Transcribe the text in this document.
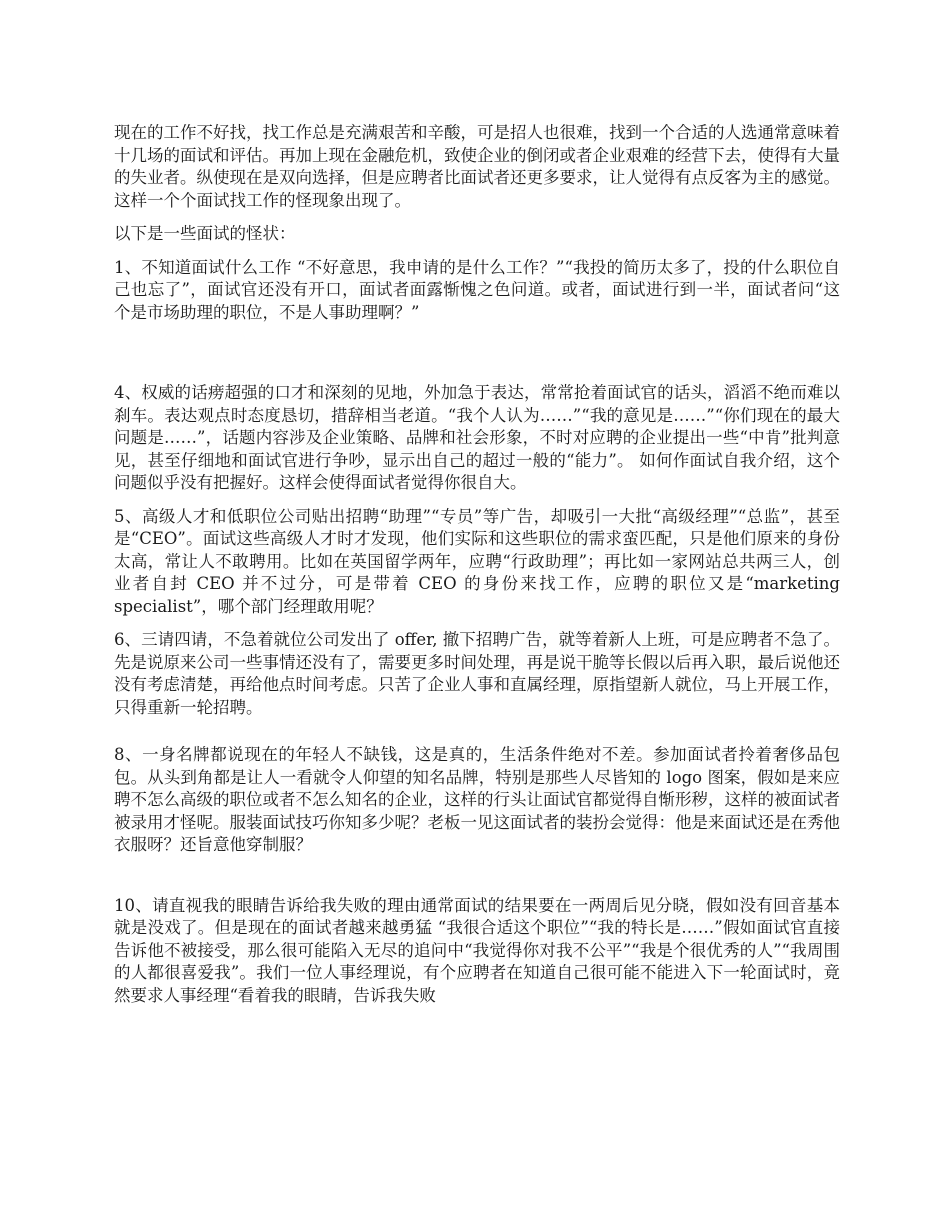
现在的工作不好找，找工作总是充满艰苦和辛酸，可是招人也很难，找到一个合适的人选通常意味着十几场的面试和评估。再加上现在金融危机，致使企业的倒闭或者企业艰难的经营下去，使得有大量的失业者。纵使现在是双向选择，但是应聘者比面试者还更多要求，让人觉得有点反客为主的感觉。这样一个个面试找工作的怪现象出现了。

以下是一些面试的怪状：

1、不知道面试什么工作 “不好意思，我申请的是什么工作？”“我投的简历太多了，投的什么职位自己也忘了”，面试官还没有开口，面试者面露惭愧之色问道。或者，面试进行到一半，面试者问“这个是市场助理的职位，不是人事助理啊？”

4、权威的话痨超强的口才和深刻的见地，外加急于表达，常常抢着面试官的话头，滔滔不绝而难以刹车。表达观点时态度恳切，措辞相当老道。“我个人认为……”“我的意见是……”“你们现在的最大问题是……”，话题内容涉及企业策略、品牌和社会形象，不时对应聘的企业提出一些“中肯”批判意见，甚至仔细地和面试官进行争吵，显示出自己的超过一般的“能力”。 如何作面试自我介绍，这个问题似乎没有把握好。这样会使得面试者觉得你很自大。

5、高级人才和低职位公司贴出招聘“助理”“专员”等广告，却吸引一大批“高级经理”“总监”，甚至是“CEO”。面试这些高级人才时才发现，他们实际和这些职位的需求蛮匹配，只是他们原来的身份太高，常让人不敢聘用。比如在英国留学两年，应聘“行政助理”；再比如一家网站总共两三人，创业者自封 CEO 并不过分，可是带着 CEO 的身份来找工作，应聘的职位又是“marketing specialist”，哪个部门经理敢用呢？

6、三请四请，不急着就位公司发出了 offer, 撤下招聘广告，就等着新人上班，可是应聘者不急了。先是说原来公司一些事情还没有了，需要更多时间处理，再是说干脆等长假以后再入职，最后说他还没有考虑清楚，再给他点时间考虑。只苦了企业人事和直属经理，原指望新人就位，马上开展工作，只得重新一轮招聘。

8、一身名牌都说现在的年轻人不缺钱，这是真的，生活条件绝对不差。参加面试者拎着奢侈品包包。从头到角都是让人一看就令人仰望的知名品牌，特别是那些人尽皆知的 logo 图案，假如是来应聘不怎么高级的职位或者不怎么知名的企业，这样的行头让面试官都觉得自惭形秽，这样的被面试者被录用才怪呢。服装面试技巧你知多少呢？老板一见这面试者的装扮会觉得：他是来面试还是在秀他衣服呀？还旨意他穿制服？

10、请直视我的眼睛告诉给我失败的理由通常面试的结果要在一两周后见分晓，假如没有回音基本就是没戏了。但是现在的面试者越来越勇猛 “我很合适这个职位”“我的特长是……”假如面试官直接告诉他不被接受，那么很可能陷入无尽的追问中“我觉得你对我不公平”“我是个很优秀的人”“我周围的人都很喜爱我”。我们一位人事经理说，有个应聘者在知道自己很可能不能进入下一轮面试时，竟然要求人事经理“看着我的眼睛，告诉我失败
